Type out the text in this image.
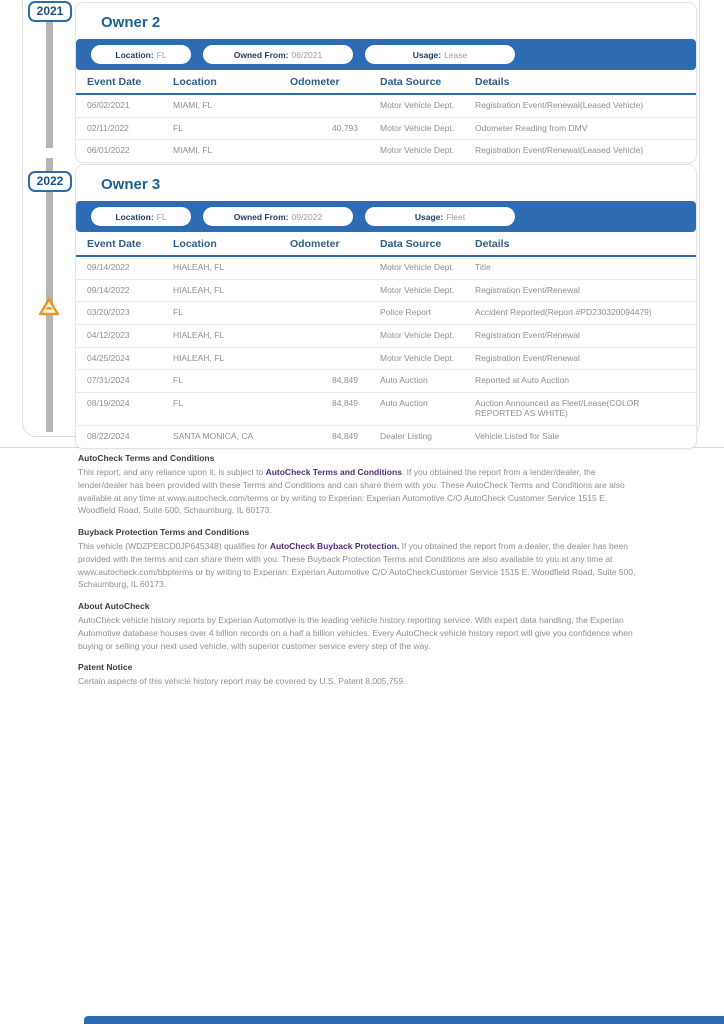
2021
2022
Owner 2
Location: FL	Owned From: 06/2021	Usage: Lease
Event Date	Location	Odometer	Data Source	Details
06/02/2021	MIAMI, FL		Motor Vehicle Dept.	Registration Event/Renewal(Leased Vehicle)
02/11/2022	FL	40,793	Motor Vehicle Dept.	Odometer Reading from DMV
06/01/2022	MIAMI, FL		Motor Vehicle Dept.	Registration Event/Renewal(Leased Vehicle)
Owner 3
Location: FL	Owned From: 09/2022	Usage: Fleet
Event Date	Location	Odometer	Data Source	Details
09/14/2022	HIALEAH, FL		Motor Vehicle Dept.	Title
09/14/2022	HIALEAH, FL		Motor Vehicle Dept.	Registration Event/Renewal
03/20/2023	FL		Police Report	Accident Reported(Report #PD230320094479)
04/12/2023	HIALEAH, FL		Motor Vehicle Dept.	Registration Event/Renewal
04/25/2024	HIALEAH, FL		Motor Vehicle Dept.	Registration Event/Renewal
07/31/2024	FL	84,849	Auto Auction	Reported at Auto Auction
08/19/2024	FL	84,849	Auto Auction	Auction Announced as Fleet/Lease(COLOR REPORTED AS WHITE)
08/22/2024	SANTA MONICA, CA	84,849	Dealer Listing	Vehicle Listed for Sale
AutoCheck Terms and Conditions

This report, and any reliance upon it, is subject to AutoCheck Terms and Conditions. If you obtained the report from a lender/dealer, the lender/dealer has been provided with these Terms and Conditions and can share them with you. These AutoCheck Terms and Conditions are also available at any time at www.autocheck.com/terms or by writing to Experian: Experian Automotive C/O AutoCheck Customer Service 1515 E. Woodfield Road, Suite 500, Schaumburg, IL 60173.

Buyback Protection Terms and Conditions

This vehicle (WDZPE8CD0JP645348) qualifies for AutoCheck Buyback Protection. If you obtained the report from a dealer, the dealer has been provided with the terms and can share them with you. These Buyback Protection Terms and Conditions are also available to you at any time at www.autocheck.com/bbpterms or by writing to Experian: Experian Automotive C/O AutoCheckCustomer Service 1515 E. Woodfield Road, Suite 500, Schaumburg, IL 60173.

About AutoCheck

AutoCheck vehicle history reports by Experian Automotive is the leading vehicle history reporting service. With expert data handling, the Experian Automotive database houses over 4 billion records on a half a billion vehicles. Every AutoCheck vehicle history report will give you confidence when buying or selling your next used vehicle, with superior customer service every step of the way.

Patent Notice

Certain aspects of this vehicle history report may be covered by U.S. Patent 8,005,759.
